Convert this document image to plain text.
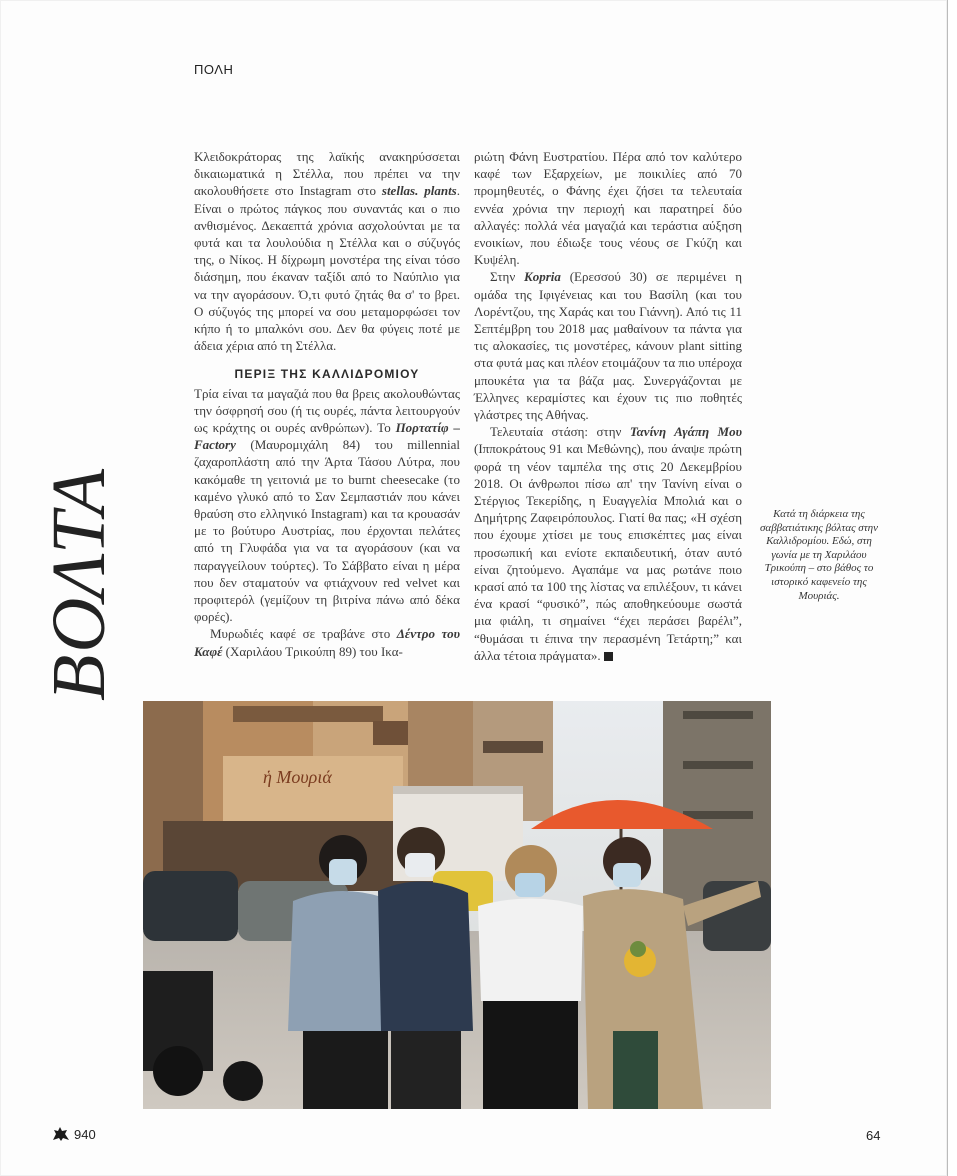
ΠΟΛΗ
ΒΟΛΤΑ

Κλειδοκράτορας της λαϊκής ανακηρύσσεται δικαιωματικά η Στέλλα, που πρέπει να την ακολουθήσετε στο Instagram στο stellas. plants. Είναι ο πρώτος πάγκος που συναντάς και ο πιο ανθισμένος. Δεκαεπτά χρόνια ασχολούνται με τα φυτά και τα λουλούδια η Στέλλα και ο σύζυγός της, ο Νίκος. Η δίχρωμη μονστέρα της είναι τόσο διάσημη, που έκαναν ταξίδι από το Ναύπλιο για να την αγοράσουν. Ό,τι φυτό ζητάς θα σ' το βρει. Ο σύζυγός της μπορεί να σου μεταμορφώσει τον κήπο ή το μπαλκόνι σου. Δεν θα φύγεις ποτέ με άδεια χέρια από τη Στέλλα.

ΠΕΡΙΞ ΤΗΣ ΚΑΛΛΙΔΡΟΜΙΟΥ

Τρία είναι τα μαγαζιά που θα βρεις ακολουθώντας την όσφρησή σου (ή τις ουρές, πάντα λειτουργούν ως κράχτης οι ουρές ανθρώπων). Το Πορτατίφ – Factory (Μαυρομιχάλη 84) του millennial ζαχαροπλάστη από την Άρτα Τάσου Λύτρα, που κακόμαθε τη γειτονιά με το burnt cheesecake (το καμένο γλυκό από το Σαν Σεμπαστιάν που κάνει θραύση στο ελληνικό Instagram) και τα κρουασάν με το βούτυρο Αυστρίας, που έρχονται πελάτες από τη Γλυφάδα για να τα αγοράσουν (και να παραγγείλουν τούρτες). Το Σάββατο είναι η μέρα που δεν σταματούν να φτιάχνουν red velvet και προφιτερόλ (γεμίζουν τη βιτρίνα πάνω από δέκα φορές).

Μυρωδιές καφέ σε τραβάνε στο Δέντρο του Καφέ (Χαριλάου Τρικούπη 89) του Ικα-

ριώτη Φάνη Ευστρατίου. Πέρα από τον καλύτερο καφέ των Εξαρχείων, με ποικιλίες από 70 προμηθευτές, ο Φάνης έχει ζήσει τα τελευταία εννέα χρόνια την περιοχή και παρατηρεί δύο αλλαγές: πολλά νέα μαγαζιά και τεράστια αύξηση ενοικίων, που έδιωξε τους νέους σε Γκύζη και Κυψέλη.

Στην Kopria (Ερεσσού 30) σε περιμένει η ομάδα της Ιφιγένειας και του Βασίλη (και του Λορέντζου, της Χαράς και του Γιάννη). Από τις 11 Σεπτέμβρη του 2018 μας μαθαίνουν τα πάντα για τις αλοκασίες, τις μονστέρες, κάνουν plant sitting στα φυτά μας και πλέον ετοιμάζουν τα πιο υπέροχα μπουκέτα για τα βάζα μας. Συνεργάζονται με Έλληνες κεραμίστες και έχουν τις πιο ποθητές γλάστρες της Αθήνας.

Τελευταία στάση: στην Τανίνη Αγάπη Μου (Ιπποκράτους 91 και Μεθώνης), που άναψε πρώτη φορά τη νέον ταμπέλα της στις 20 Δεκεμβρίου 2018. Οι άνθρωποι πίσω απ' την Τανίνη είναι ο Στέργιος Τεκερίδης, η Ευαγγελία Μπολιά και ο Δημήτρης Ζαφειρόπουλος. Γιατί θα πας; «Η σχέση που έχουμε χτίσει με τους επισκέπτες μας είναι προσωπική και ενίοτε εκπαιδευτική, όταν αυτό είναι ζητούμενο. Αγαπάμε να μας ρωτάνε ποιο κρασί από τα 100 της λίστας να επιλέξουν, τι κάνει ένα κρασί “φυσικό”, πώς αποθηκεύουμε σωστά μια φιάλη, τι σημαίνει “έχει περάσει βαρέλι”, “θυμάσαι τι έπινα την περασμένη Τετάρτη;” και άλλα τέτοια πράγματα».

Κατά τη διάρκεια της σαββατιάτικης βόλτας στην Καλλιδρομίου. Εδώ, στη γωνία με τη Χαριλάου Τρικούπη – στο βάθος το ιστορικό καφενείο της Μουριάς.
ἡ Μουριά
940	64
